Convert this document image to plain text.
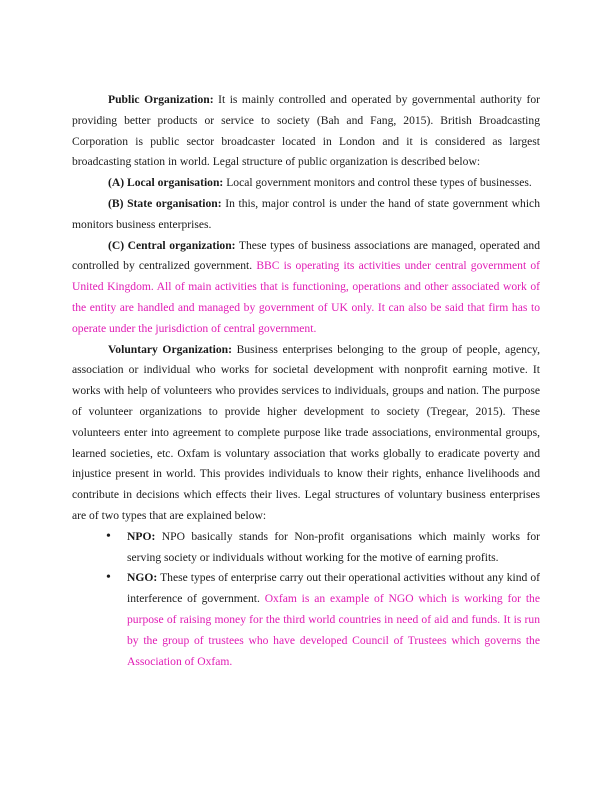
Public Organization: It is mainly controlled and operated by governmental authority for providing better products or service to society (Bah and Fang, 2015). British Broadcasting Corporation is public sector broadcaster located in London and it is considered as largest broadcasting station in world. Legal structure of public organization is described below:

(A) Local organisation: Local government monitors and control these types of businesses.

(B) State organisation: In this, major control is under the hand of state government which monitors business enterprises.

(C) Central organization: These types of business associations are managed, operated and controlled by centralized government. BBC is operating its activities under central government of United Kingdom. All of main activities that is functioning, operations and other associated work of the entity are handled and managed by government of UK only. It can also be said that firm has to operate under the jurisdiction of central government.

Voluntary Organization: Business enterprises belonging to the group of people, agency, association or individual who works for societal development with nonprofit earning motive. It works with help of volunteers who provides services to individuals, groups and nation. The purpose of volunteer organizations to provide higher development to society (Tregear, 2015). These volunteers enter into agreement to complete purpose like trade associations, environmental groups, learned societies, etc. Oxfam is voluntary association that works globally to eradicate poverty and injustice present in world. This provides individuals to know their rights, enhance livelihoods and contribute in decisions which effects their lives. Legal structures of voluntary business enterprises are of two types that are explained below:

• NPO: NPO basically stands for Non-profit organisations which mainly works for serving society or individuals without working for the motive of earning profits.
• NGO: These types of enterprise carry out their operational activities without any kind of interference of government. Oxfam is an example of NGO which is working for the purpose of raising money for the third world countries in need of aid and funds. It is run by the group of trustees who have developed Council of Trustees which governs the Association of Oxfam.
